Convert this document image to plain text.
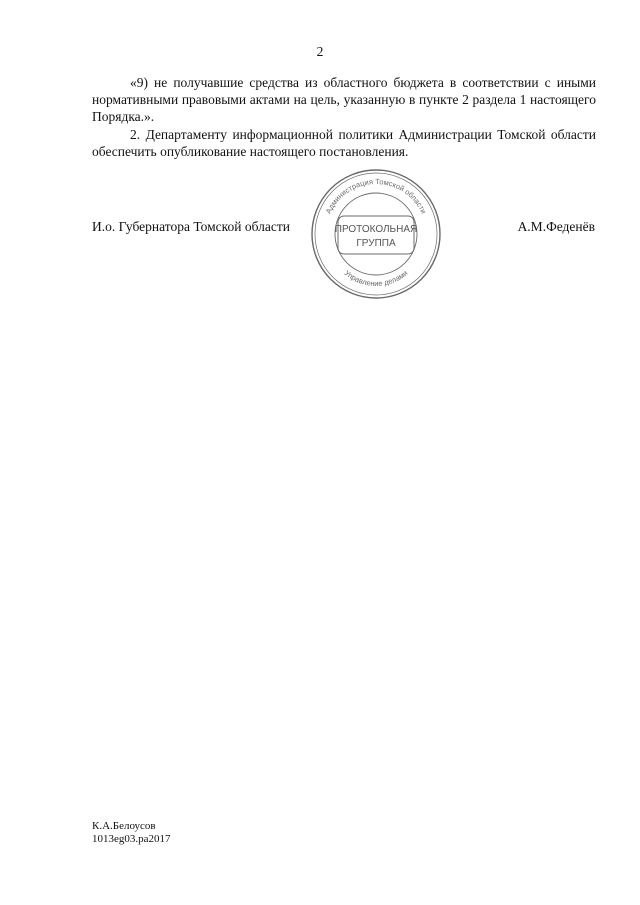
2

«9) не получавшие средства из областного бюджета в соответствии с иными нормативными правовыми актами на цель, указанную в пункте 2 раздела 1 настоящего Порядка.».

2. Департаменту информационной политики Администрации Томской области обеспечить опубликование настоящего постановления.

И.о. Губернатора Томской области	А.М.Феденёв
Администрация Томской области
Управление делами
ПРОТОКОЛЬНАЯ
ГРУППА
К.А.Белоусов
1013eg03.pa2017
